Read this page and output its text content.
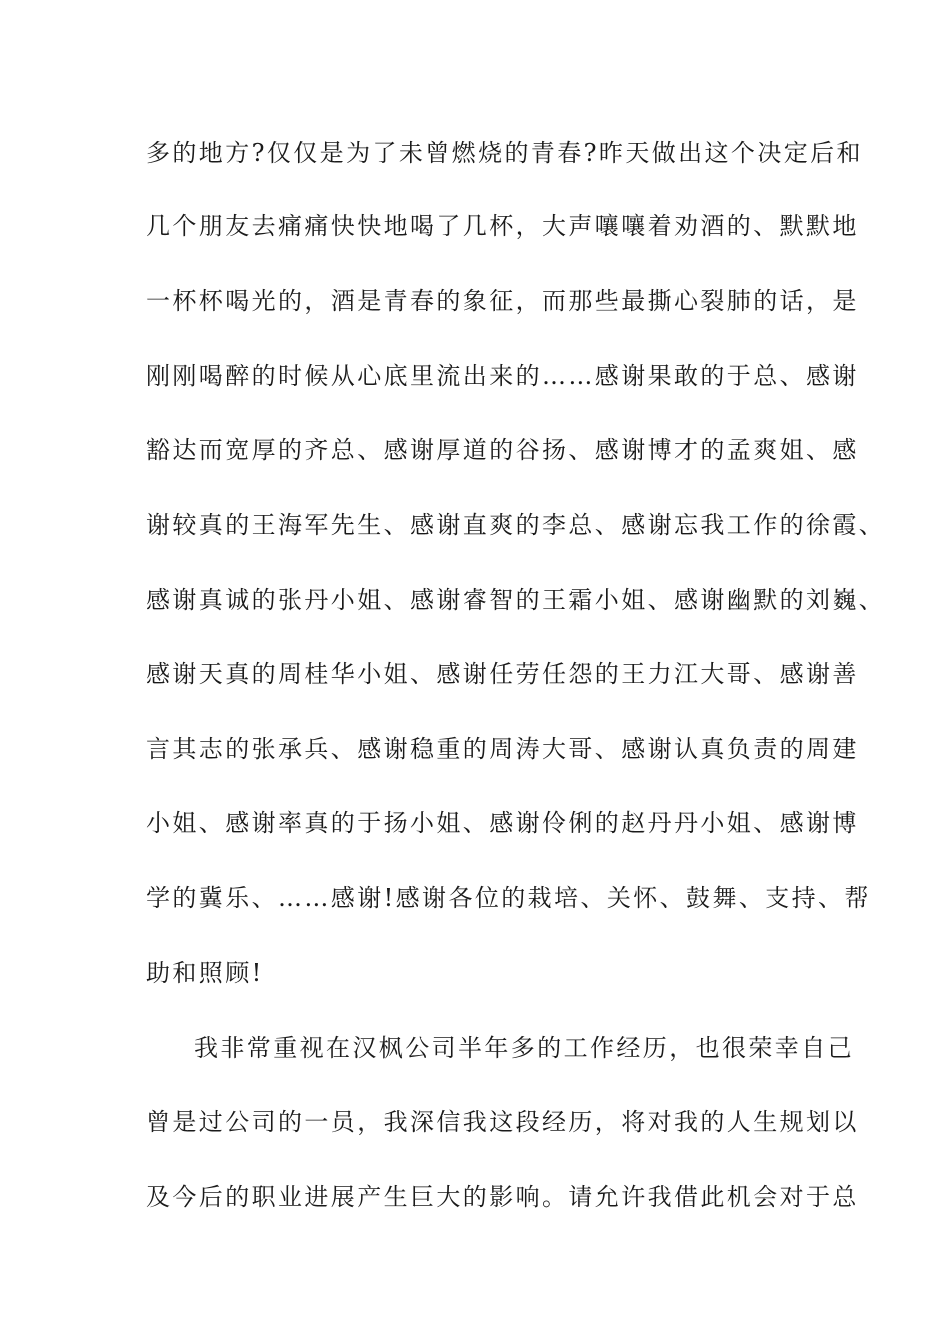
多的地方?仅仅是为了未曾燃烧的青春?昨天做出这个决定后和
几个朋友去痛痛快快地喝了几杯，大声嚷嚷着劝酒的、默默地
一杯杯喝光的，酒是青春的象征，而那些最撕心裂肺的话，是
刚刚喝醉的时候从心底里流出来的……感谢果敢的于总、感谢
豁达而宽厚的齐总、感谢厚道的谷扬、感谢博才的孟爽姐、感
谢较真的王海军先生、感谢直爽的李总、感谢忘我工作的徐霞、
感谢真诚的张丹小姐、感谢睿智的王霜小姐、感谢幽默的刘巍、
感谢天真的周桂华小姐、感谢任劳任怨的王力江大哥、感谢善
言其志的张承兵、感谢稳重的周涛大哥、感谢认真负责的周建
小姐、感谢率真的于扬小姐、感谢伶俐的赵丹丹小姐、感谢博
学的冀乐、……感谢!感谢各位的栽培、关怀、鼓舞、支持、帮
助和照顾!
我非常重视在汉枫公司半年多的工作经历，也很荣幸自己
曾是过公司的一员，我深信我这段经历，将对我的人生规划以
及今后的职业进展产生巨大的影响。请允许我借此机会对于总
